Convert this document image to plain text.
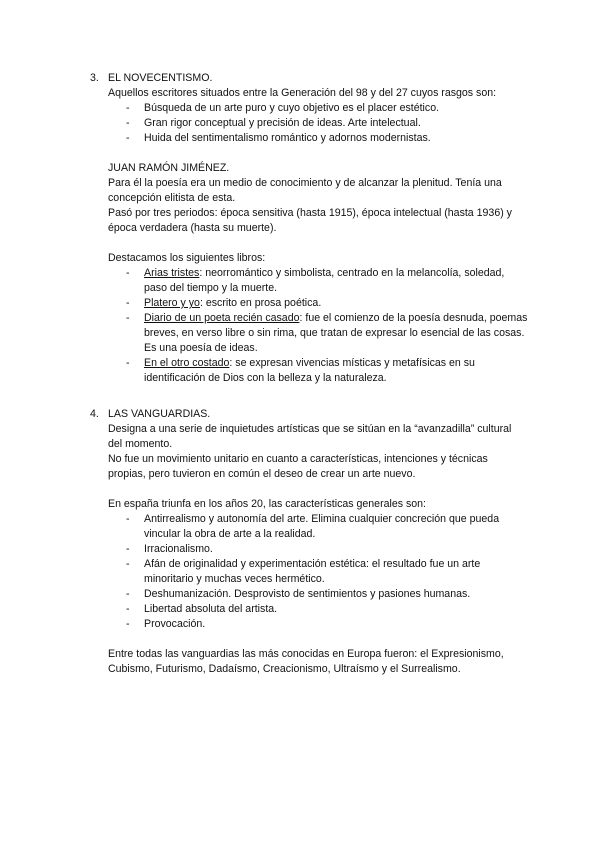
3. EL NOVECENTISMO.

Aquellos escritores situados entre la Generación del 98 y del 27 cuyos rasgos son:

- Búsqueda de un arte puro y cuyo objetivo es el placer estético.
- Gran rigor conceptual y precisión de ideas. Arte intelectual.
- Huida del sentimentalismo romántico y adornos modernistas.

JUAN RAMÓN JIMÉNEZ.

Para él la poesía era un medio de conocimiento y de alcanzar la plenitud. Tenía una concepción elitista de esta.

Pasó por tres periodos: época sensitiva (hasta 1915), época intelectual (hasta 1936) y época verdadera (hasta su muerte).

Destacamos los siguientes libros:

- Arias tristes: neorromántico y simbolista, centrado en la melancolía, soledad, paso del tiempo y la muerte.
- Platero y yo: escrito en prosa poética.
- Diario de un poeta recién casado: fue el comienzo de la poesía desnuda, poemas breves, en verso libre o sin rima, que tratan de expresar lo esencial de las cosas. Es una poesía de ideas.
- En el otro costado: se expresan vivencias místicas y metafísicas en su identificación de Dios con la belleza y la naturaleza.
4. LAS VANGUARDIAS.

Designa a una serie de inquietudes artísticas que se sitúan en la “avanzadilla” cultural del momento.

No fue un movimiento unitario en cuanto a características, intenciones y técnicas propias, pero tuvieron en común el deseo de crear un arte nuevo.

En españa triunfa en los años 20, las características generales son:

- Antirrealismo y autonomía del arte. Elimina cualquier concreción que pueda vincular la obra de arte a la realidad.
- Irracionalismo.
- Afán de originalidad y experimentación estética: el resultado fue un arte minoritario y muchas veces hermético.
- Deshumanización. Desprovisto de sentimientos y pasiones humanas.
- Libertad absoluta del artista.
- Provocación.

Entre todas las vanguardias las más conocidas en Europa fueron: el Expresionismo, Cubismo, Futurismo, Dadaísmo, Creacionismo, Ultraísmo y el Surrealismo.
